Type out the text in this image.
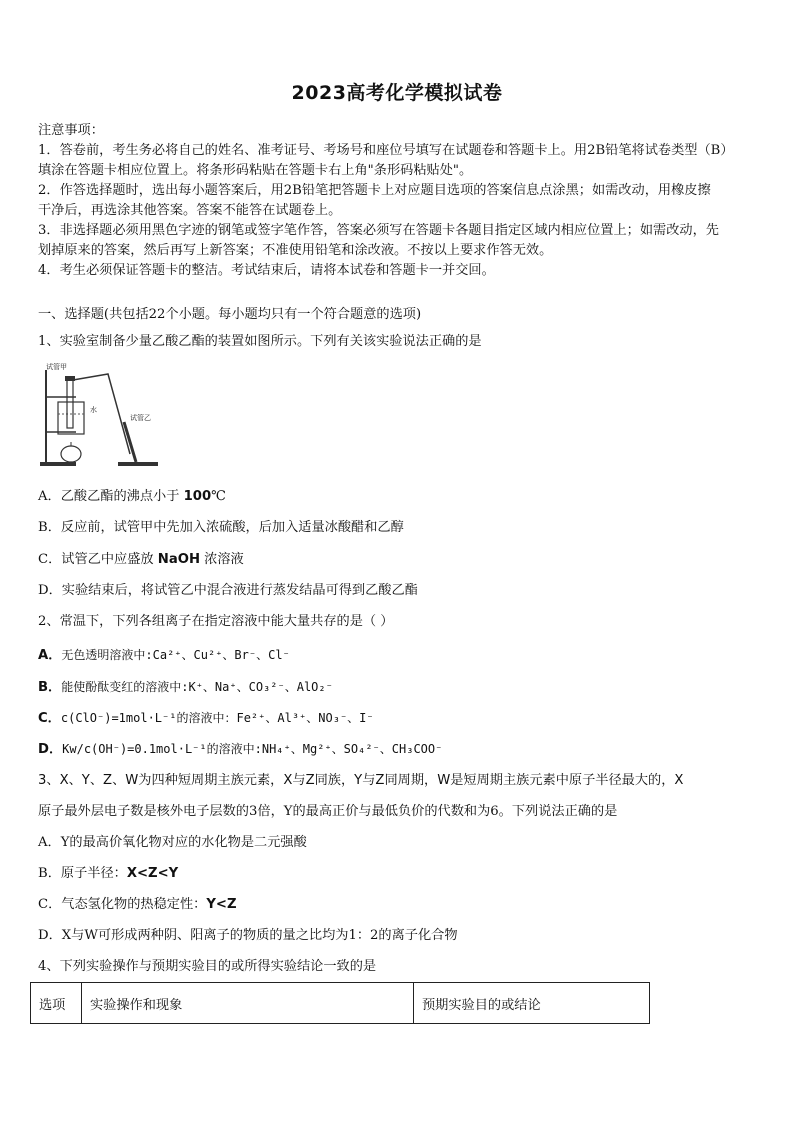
2023高考化学模拟试卷
注意事项：
1．答卷前，考生务必将自己的姓名、准考证号、考场号和座位号填写在试题卷和答题卡上。用2B铅笔将试卷类型（B）
填涂在答题卡相应位置上。将条形码粘贴在答题卡右上角"条形码粘贴处"。
2．作答选择题时，选出每小题答案后，用2B铅笔把答题卡上对应题目选项的答案信息点涂黑；如需改动，用橡皮擦
干净后，再选涂其他答案。答案不能答在试题卷上。
3．非选择题必须用黑色字迹的钢笔或签字笔作答，答案必须写在答题卡各题目指定区域内相应位置上；如需改动，先
划掉原来的答案，然后再写上新答案；不准使用铅笔和涂改液。不按以上要求作答无效。
4．考生必须保证答题卡的整洁。考试结束后，请将本试卷和答题卡一并交回。
一、选择题(共包括22个小题。每小题均只有一个符合题意的选项)
1、实验室制备少量乙酸乙酯的装置如图所示。下列有关该实验说法正确的是
试管甲
水
试管乙
A．乙酸乙酯的沸点小于 100℃
B．反应前，试管甲中先加入浓硫酸，后加入适量冰酸醋和乙醇
C．试管乙中应盛放 NaOH 浓溶液
D．实验结束后，将试管乙中混合液进行蒸发结晶可得到乙酸乙酯
2、常温下，下列各组离子在指定溶液中能大量共存的是（ ）
A．无色透明溶液中:Ca²⁺、Cu²⁺、Br⁻、Cl⁻
B．能使酚酞变红的溶液中:K⁺、Na⁺、CO₃²⁻、AlO₂⁻
C．c(ClO⁻)=1mol·L⁻¹的溶液中：Fe²⁺、Al³⁺、NO₃⁻、I⁻
D．Kw/c(OH⁻)=0.1mol·L⁻¹的溶液中:NH₄⁺、Mg²⁺、SO₄²⁻、CH₃COO⁻
3、X、Y、Z、W为四种短周期主族元素，X与Z同族，Y与Z同周期，W是短周期主族元素中原子半径最大的，X
原子最外层电子数是核外电子层数的3倍，Y的最高正价与最低负价的代数和为6。下列说法正确的是
A．Y的最高价氧化物对应的水化物是二元强酸
B．原子半径：X<Z<Y
C．气态氢化物的热稳定性：Y<Z
D．X与W可形成两种阴、阳离子的物质的量之比均为1：2的离子化合物
4、下列实验操作与预期实验目的或所得实验结论一致的是
选项	实验操作和现象	预期实验目的或结论
